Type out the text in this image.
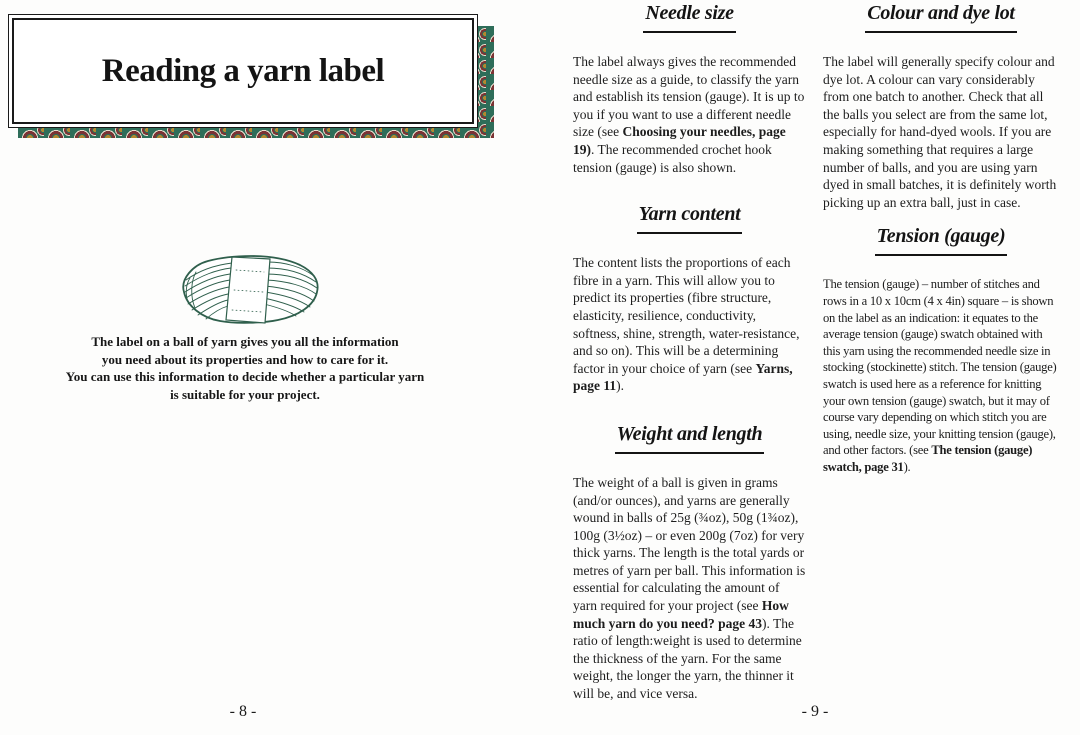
Reading a yarn label
The label on a ball of yarn gives you all the information
you need about its properties and how to care for it.
You can use this information to decide whether a particular yarn
is suitable for your project.
- 8 -
Needle size
The label always gives the recommended needle size as a guide, to classify the yarn and establish its tension (gauge). It is up to you if you want to use a different needle size (see Choosing your needles, page 19). The recommended crochet hook tension (gauge) is also shown.
Yarn content
The content lists the proportions of each fibre in a yarn. This will allow you to predict its properties (fibre structure, elasticity, resilience, conductivity, softness, shine, strength, water-resistance, and so on). This will be a determining factor in your choice of yarn (see Yarns, page 11).
Weight and length
The weight of a ball is given in grams (and/or ounces), and yarns are generally wound in balls of 25g (¾oz), 50g (1¾oz), 100g (3½oz) – or even 200g (7oz) for very thick yarns. The length is the total yards or metres of yarn per ball. This information is essential for calculating the amount of yarn required for your project (see How much yarn do you need? page 43). The ratio of length:weight is used to determine the thickness of the yarn. For the same weight, the longer the yarn, the thinner it will be, and vice versa.
Colour and dye lot
The label will generally specify colour and dye lot. A colour can vary considerably from one batch to another. Check that all the balls you select are from the same lot, especially for hand-dyed wools. If you are making something that requires a large number of balls, and you are using yarn dyed in small batches, it is definitely worth picking up an extra ball, just in case.
Tension (gauge)
The tension (gauge) – number of stitches and rows in a 10 x 10cm (4 x 4in) square – is shown on the label as an indication: it equates to the average tension (gauge) swatch obtained with this yarn using the recommended needle size in stocking (stockinette) stitch. The tension (gauge) swatch is used here as a reference for knitting your own tension (gauge) swatch, but it may of course vary depending on which stitch you are using, needle size, your knitting tension (gauge), and other factors. (see The tension (gauge) swatch, page 31).
- 9 -
